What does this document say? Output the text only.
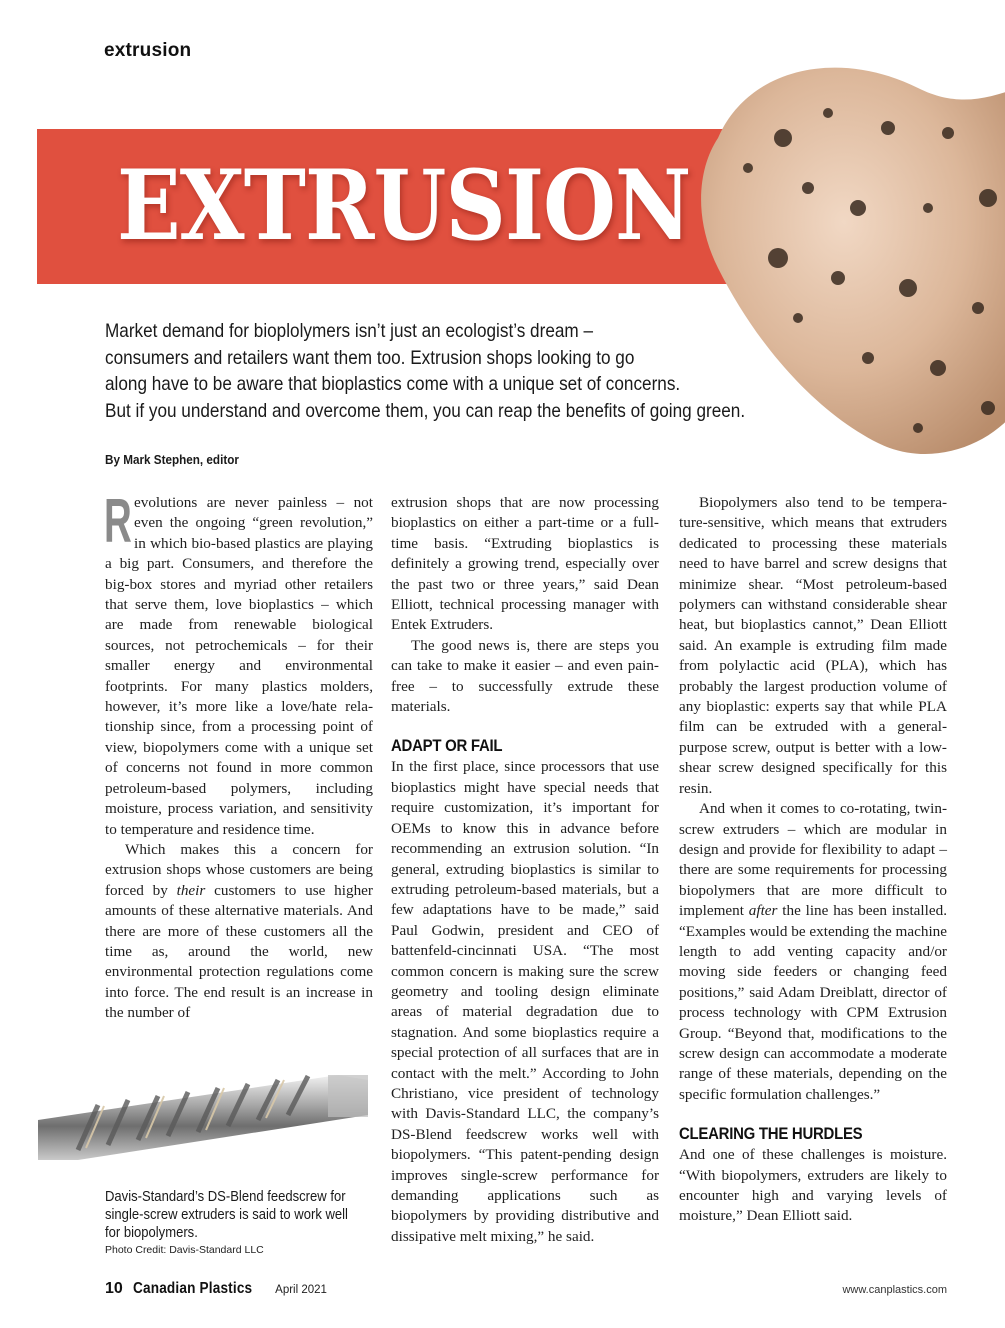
extrusion
EXTRUSION
Market demand for bioplolymers isn’t just an ecologist’s dream –
consumers and retailers want them too. Extrusion shops looking to go
along have to be aware that bioplastics come with a unique set of concerns.
But if you understand and overcome them, you can reap the benefits of going green.
By Mark Stephen, editor

Revolutions are never painless – not even the ongoing “green revolution,” in which bio-based plastics are playing a big part. Consumers, and therefore the big-box stores and myriad other retailers that serve them, love bioplastics – which are made from renewable biological sources, not petrochemicals – for their smaller energy and environmental footprints. For many plastics molders, however, it’s more like a love/hate relationship since, from a processing point of view, biopolymers come with a unique set of concerns not found in more common petroleum-based polymers, including moisture, process variation, and sensitivity to temperature and residence time.

Which makes this a concern for extrusion shops whose customers are being forced by their customers to use higher amounts of these alternative materials. And there are more of these customers all the time as, around the world, new environmental protection regulations come into force. The end result is an increase in the number of

extrusion shops that are now processing bioplastics on either a part-time or a full-time basis. “Extruding bioplastics is definitely a growing trend, especially over the past two or three years,” said Dean Elliott, technical processing manager with Entek Extruders.

The good news is, there are steps you can take to make it easier – and even pain-free – to successfully extrude these materials.

ADAPT OR FAIL

In the first place, since processors that use bioplastics might have special needs that require customization, it’s important for OEMs to know this in advance before recommending an extrusion solution. “In general, extruding bioplastics is similar to extruding petroleum-based materials, but a few adaptations have to be made,” said Paul Godwin, president and CEO of battenfeld-cincinnati USA. “The most common concern is making sure the screw geometry and tooling design eliminate areas of material degradation due to stagnation. And some bioplastics require a special protection of all surfaces that are in contact with the melt.” According to John Christiano, vice president of technology with Davis-Standard LLC, the company’s DS-Blend feedscrew works well with biopolymers. “This patent-pending design improves single-screw performance for demanding applications such as biopolymers by providing distributive and dissipative melt mixing,” he said.

Biopolymers also tend to be temperature-sensitive, which means that extruders dedicated to processing these materials need to have barrel and screw designs that minimize shear. “Most petroleum-based polymers can withstand considerable shear heat, but bioplastics cannot,” Dean Elliott said. An example is extruding film made from polylactic acid (PLA), which has probably the largest production volume of any bioplastic: experts say that while PLA film can be extruded with a general-purpose screw, output is better with a low-shear screw designed specifically for this resin.

And when it comes to co-rotating, twin-screw extruders – which are modular in design and provide for flexibility to adapt – there are some requirements for processing biopolymers that are more difficult to implement after the line has been installed. “Examples would be extending the machine length to add venting capacity and/or moving side feeders or changing feed positions,” said Adam Dreiblatt, director of process technology with CPM Extrusion Group. “Beyond that, modifications to the screw design can accommodate a moderate range of these materials, depending on the specific formulation challenges.”

CLEARING THE HURDLES

And one of these challenges is moisture. “With biopolymers, extruders are likely to encounter high and varying levels of moisture,” Dean Elliott said.

Davis-Standard’s DS-Blend feedscrew for
single-screw extruders is said to work well
for biopolymers.
Photo Credit: Davis-Standard LLC
10 Canadian Plastics April 2021	www.canplastics.com
